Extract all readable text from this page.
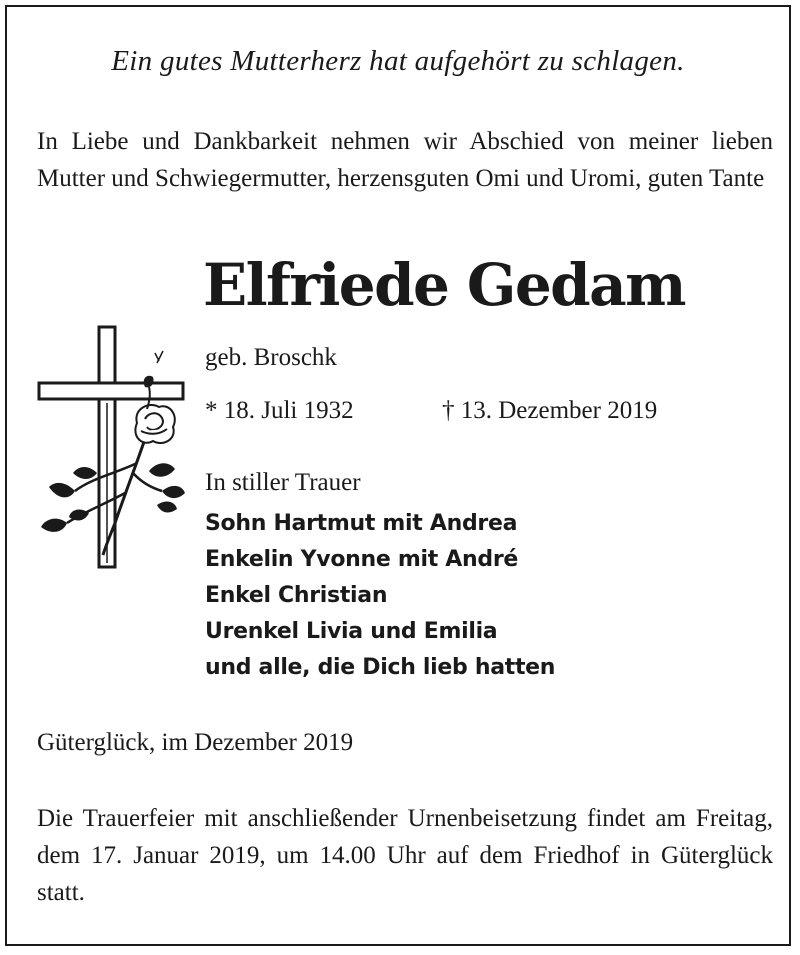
Ein gutes Mutterherz hat aufgehört zu schlagen.
In Liebe und Dankbarkeit nehmen wir Abschied von meiner lieben Mutter und Schwiegermutter, herzensguten Omi und Uromi, guten Tante
Elfriede Gedam
geb. Broschk
* 18. Juli 1932	† 13. Dezember 2019
In stiller Trauer
Sohn Hartmut mit Andrea
Enkelin Yvonne mit André
Enkel Christian
Urenkel Livia und Emilia
und alle, die Dich lieb hatten
Güterglück, im Dezember 2019
Die Trauerfeier mit anschließender Urnenbeisetzung findet am Freitag, dem 17. Januar 2019, um 14.00 Uhr auf dem Friedhof in Güterglück statt.
